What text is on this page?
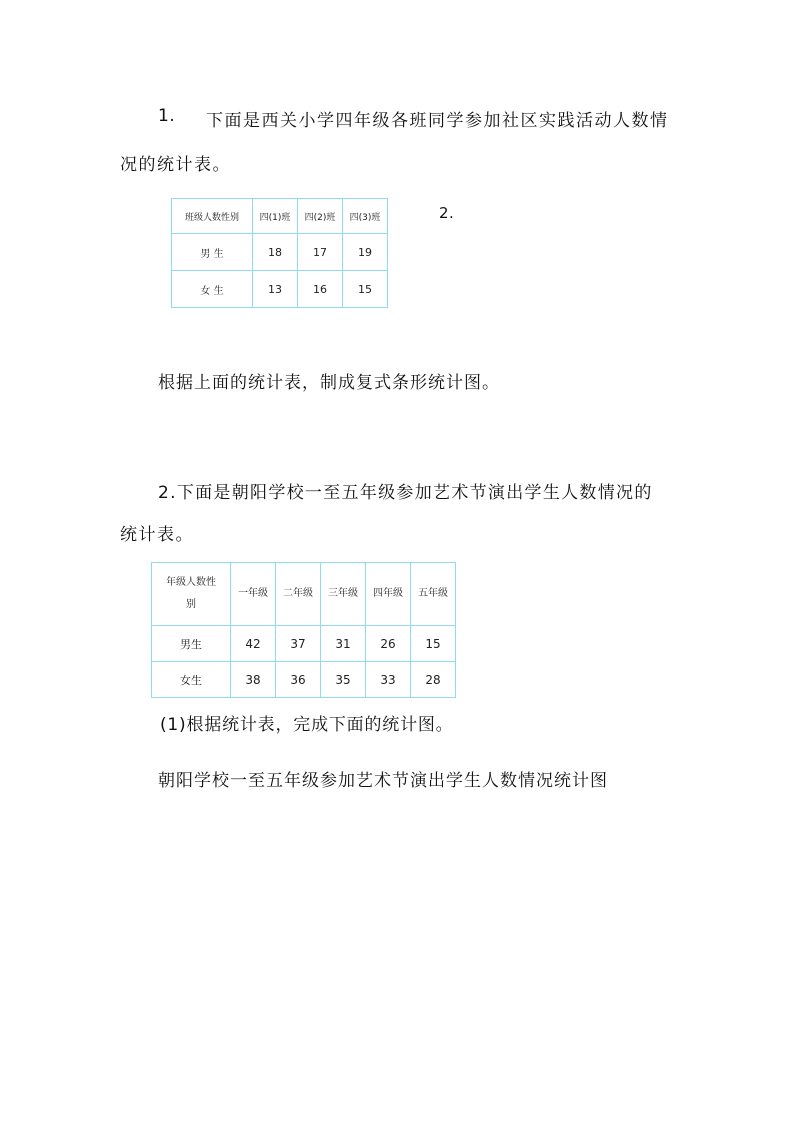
1. 下面是西关小学四年级各班同学参加社区实践活动人数情
况的统计表。
班级人数性别	四(1)班	四(2)班	四(3)班
男 生	18	17	19
女 生	13	16	15
2.
根据上面的统计表，制成复式条形统计图。
2.下面是朝阳学校一至五年级参加艺术节演出学生人数情况的
统计表。
年级人数性别	一年级	二年级	三年级	四年级	五年级
男生	42	37	31	26	15
女生	38	36	35	33	28
(1)根据统计表，完成下面的统计图。
朝阳学校一至五年级参加艺术节演出学生人数情况统计图
